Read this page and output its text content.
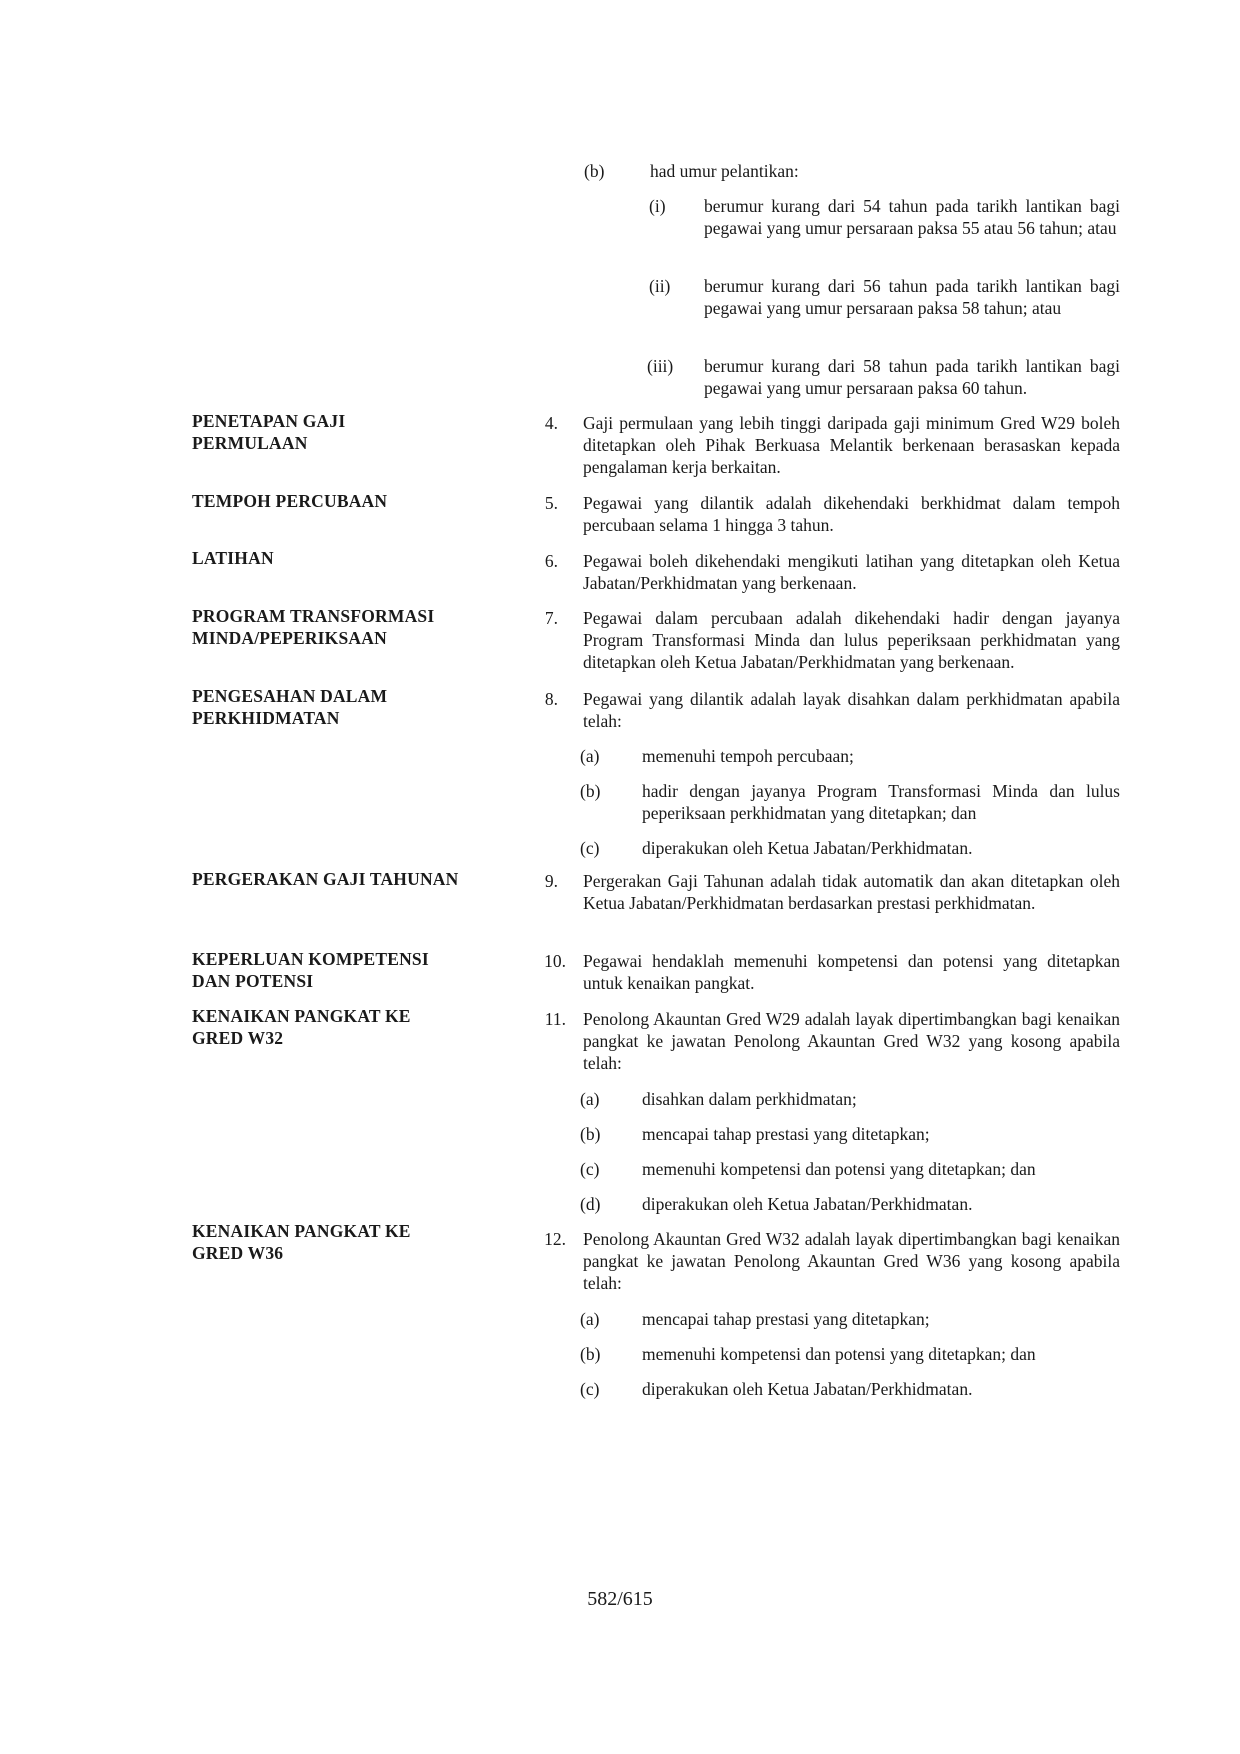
(b)	had umur pelantikan:
(i) berumur kurang dari 54 tahun pada tarikh lantikan bagi pegawai yang umur persaraan paksa 55 atau 56 tahun; atau
(ii) berumur kurang dari 56 tahun pada tarikh lantikan bagi pegawai yang umur persaraan paksa 58 tahun; atau
(iii) berumur kurang dari 58 tahun pada tarikh lantikan bagi pegawai yang umur persaraan paksa 60 tahun.
PENETAPAN GAJI PERMULAAN
4. Gaji permulaan yang lebih tinggi daripada gaji minimum Gred W29 boleh ditetapkan oleh Pihak Berkuasa Melantik berkenaan berasaskan kepada pengalaman kerja berkaitan.
TEMPOH PERCUBAAN	5. Pegawai yang dilantik adalah dikehendaki berkhidmat dalam tempoh percubaan selama 1 hingga 3 tahun.
LATIHAN	6. Pegawai boleh dikehendaki mengikuti latihan yang ditetapkan oleh Ketua Jabatan/Perkhidmatan yang berkenaan.
PROGRAM TRANSFORMASI MINDA/PEPERIKSAAN
7. Pegawai dalam percubaan adalah dikehendaki hadir dengan jayanya Program Transformasi Minda dan lulus peperiksaan perkhidmatan yang ditetapkan oleh Ketua Jabatan/Perkhidmatan yang berkenaan.
PENGESAHAN DALAM PERKHIDMATAN
8. Pegawai yang dilantik adalah layak disahkan dalam perkhidmatan apabila telah:
(a) memenuhi tempoh percubaan;
(b) hadir dengan jayanya Program Transformasi Minda dan lulus peperiksaan perkhidmatan yang ditetapkan; dan
(c) diperakukan oleh Ketua Jabatan/Perkhidmatan.
PERGERAKAN GAJI TAHUNAN	9. Pergerakan Gaji Tahunan adalah tidak automatik dan akan ditetapkan oleh Ketua Jabatan/Perkhidmatan berdasarkan prestasi perkhidmatan.
KEPERLUAN KOMPETENSI DAN POTENSI
10. Pegawai hendaklah memenuhi kompetensi dan potensi yang ditetapkan untuk kenaikan pangkat.
KENAIKAN PANGKAT KE GRED W32
11. Penolong Akauntan Gred W29 adalah layak dipertimbangkan bagi kenaikan pangkat ke jawatan Penolong Akauntan Gred W32 yang kosong apabila telah:
(a) disahkan dalam perkhidmatan;
(b) mencapai tahap prestasi yang ditetapkan;
(c) memenuhi kompetensi dan potensi yang ditetapkan; dan
(d) diperakukan oleh Ketua Jabatan/Perkhidmatan.
KENAIKAN PANGKAT KE GRED W36
12. Penolong Akauntan Gred W32 adalah layak dipertimbangkan bagi kenaikan pangkat ke jawatan Penolong Akauntan Gred W36 yang kosong apabila telah:
(a) mencapai tahap prestasi yang ditetapkan;
(b) memenuhi kompetensi dan potensi yang ditetapkan; dan
(c) diperakukan oleh Ketua Jabatan/Perkhidmatan.
582/615
